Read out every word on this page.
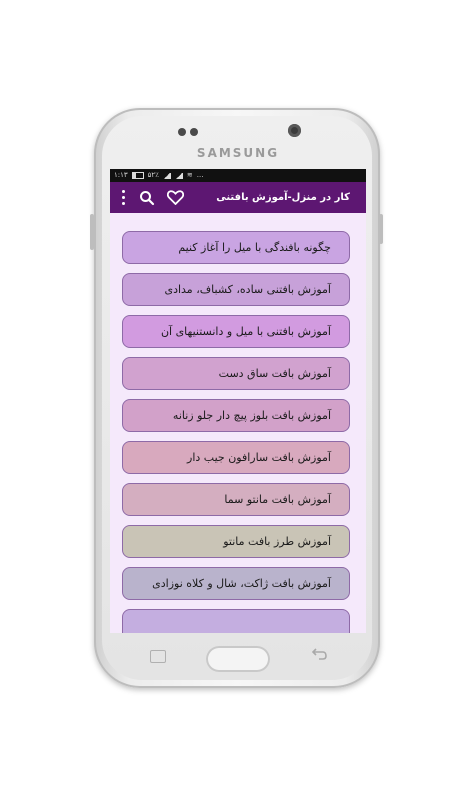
SAMSUNG
۱:۱۳	۵۲٪	≋ ...
کار در منزل-آموزش بافتنی
چگونه بافندگی با میل را آغاز کنیم
آموزش بافتنی ساده، کشباف، مدادی
آموزش بافتنی با میل و دانستنیهای آن
آموزش بافت ساق دست
آموزش بافت بلوز پیچ دار جلو زنانه
آموزش بافت سارافون جیب دار
آموزش بافت مانتو سما
آموزش طرز بافت مانتو
آموزش بافت ژاکت، شال و کلاه نوزادی
